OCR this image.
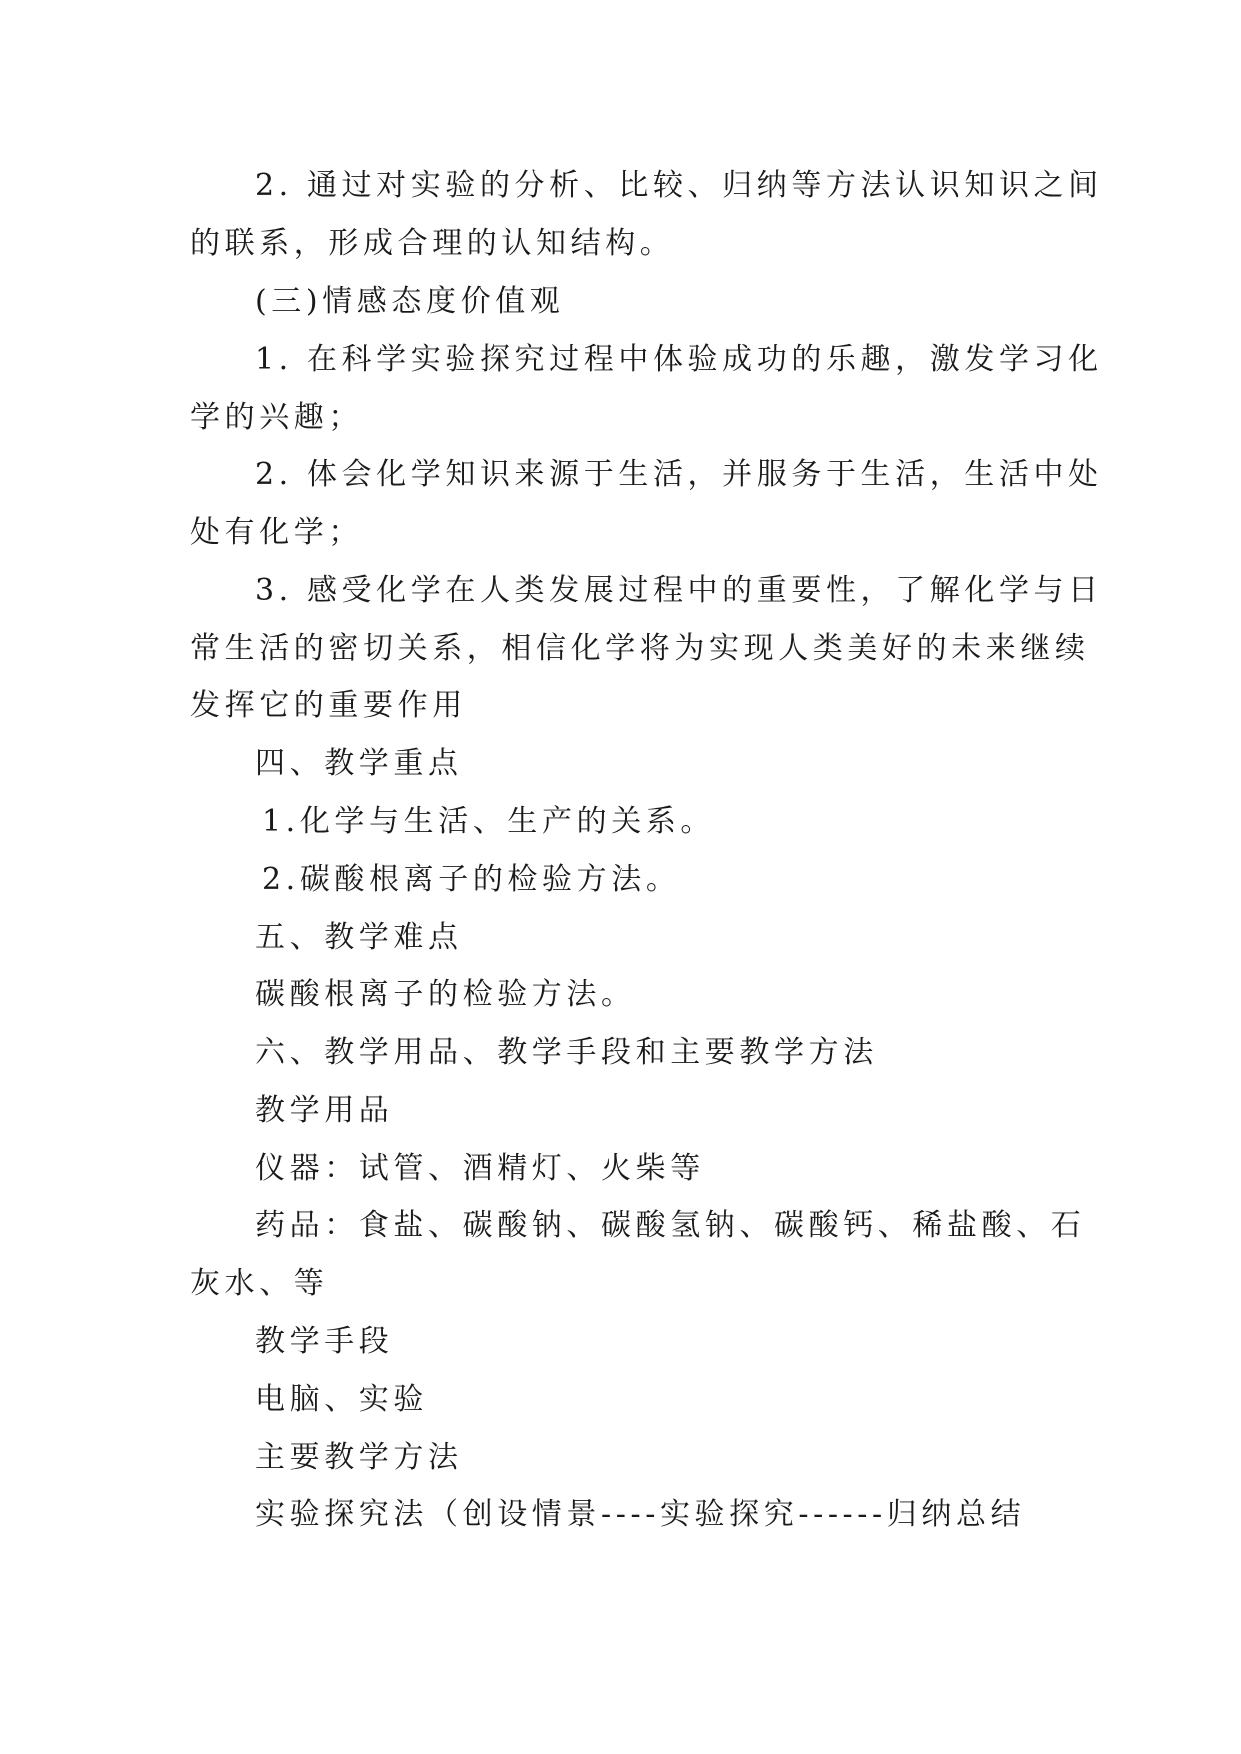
2. 通过对实验的分析、比较、归纳等方法认识知识之间
的联系，形成合理的认知结构。
(三)情感态度价值观
1. 在科学实验探究过程中体验成功的乐趣，激发学习化
学的兴趣；
2. 体会化学知识来源于生活，并服务于生活，生活中处
处有化学；
3. 感受化学在人类发展过程中的重要性，了解化学与日
常生活的密切关系，相信化学将为实现人类美好的未来继续
发挥它的重要作用
四、教学重点
1.化学与生活、生产的关系。
2.碳酸根离子的检验方法。
五、教学难点
碳酸根离子的检验方法。
六、教学用品、教学手段和主要教学方法
教学用品
仪器：试管、酒精灯、火柴等
药品：食盐、碳酸钠、碳酸氢钠、碳酸钙、稀盐酸、石
灰水、等
教学手段
电脑、实验
主要教学方法
实验探究法（创设情景----实验探究------归纳总结
